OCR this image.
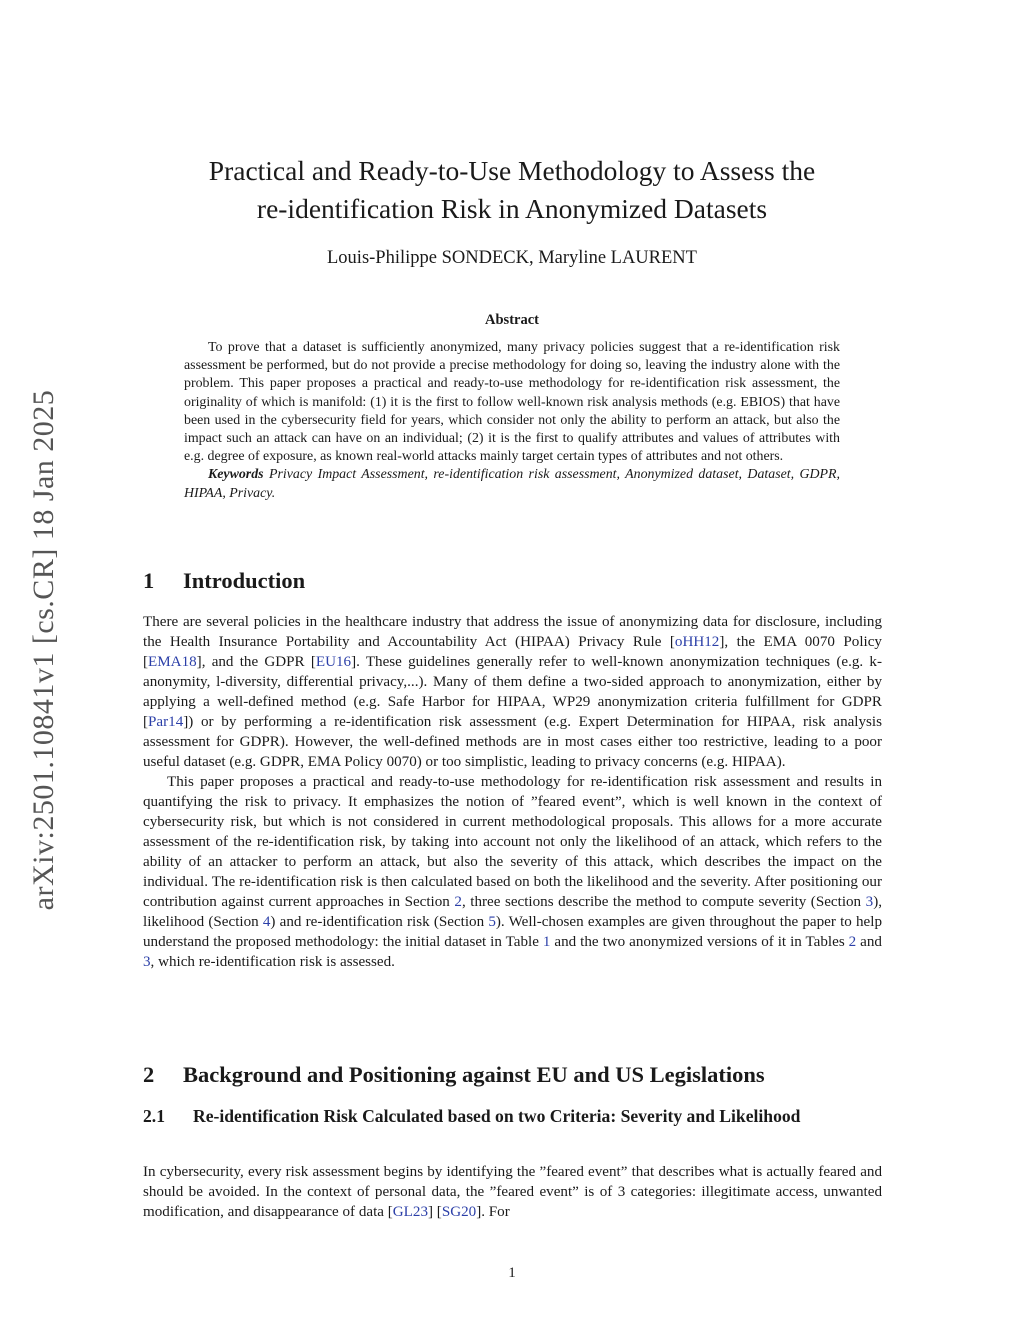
arXiv:2501.10841v1 [cs.CR] 18 Jan 2025
Practical and Ready-to-Use Methodology to Assess the
re-identification Risk in Anonymized Datasets
Louis-Philippe SONDECK, Maryline LAURENT
Abstract

To prove that a dataset is sufficiently anonymized, many privacy policies suggest that a re-identification risk assessment be performed, but do not provide a precise methodology for doing so, leaving the industry alone with the problem. This paper proposes a practical and ready-to-use methodology for re-identification risk assessment, the originality of which is manifold: (1) it is the first to follow well-known risk analysis methods (e.g. EBIOS) that have been used in the cybersecurity field for years, which consider not only the ability to perform an attack, but also the impact such an attack can have on an individual; (2) it is the first to qualify attributes and values of attributes with e.g. degree of exposure, as known real-world attacks mainly target certain types of attributes and not others.

Keywords Privacy Impact Assessment, re-identification risk assessment, Anonymized dataset, Dataset, GDPR, HIPAA, Privacy.

1 Introduction

There are several policies in the healthcare industry that address the issue of anonymizing data for disclosure, including the Health Insurance Portability and Accountability Act (HIPAA) Privacy Rule [oHH12], the EMA 0070 Policy [EMA18], and the GDPR [EU16]. These guidelines generally refer to well-known anonymization techniques (e.g. k-anonymity, l-diversity, differential privacy,...). Many of them define a two-sided approach to anonymization, either by applying a well-defined method (e.g. Safe Harbor for HIPAA, WP29 anonymization criteria fulfillment for GDPR [Par14]) or by performing a re-identification risk assessment (e.g. Expert Determination for HIPAA, risk analysis assessment for GDPR). However, the well-defined methods are in most cases either too restrictive, leading to a poor useful dataset (e.g. GDPR, EMA Policy 0070) or too simplistic, leading to privacy concerns (e.g. HIPAA).

This paper proposes a practical and ready-to-use methodology for re-identification risk assessment and results in quantifying the risk to privacy. It emphasizes the notion of ”feared event”, which is well known in the context of cybersecurity risk, but which is not considered in current methodological proposals. This allows for a more accurate assessment of the re-identification risk, by taking into account not only the likelihood of an attack, which refers to the ability of an attacker to perform an attack, but also the severity of this attack, which describes the impact on the individual. The re-identification risk is then calculated based on both the likelihood and the severity. After positioning our contribution against current approaches in Section 2, three sections describe the method to compute severity (Section 3), likelihood (Section 4) and re-identification risk (Section 5). Well-chosen examples are given throughout the paper to help understand the proposed methodology: the initial dataset in Table 1 and the two anonymized versions of it in Tables 2 and 3, which re-identification risk is assessed.

2 Background and Positioning against EU and US Legislations
2.1	Re-identification Risk Calculated based on two Criteria: Severity and Likelihood

In cybersecurity, every risk assessment begins by identifying the ”feared event” that describes what is actually feared and should be avoided. In the context of personal data, the ”feared event” is of 3 categories: illegitimate access, unwanted modification, and disappearance of data [GL23] [SG20]. For

1
